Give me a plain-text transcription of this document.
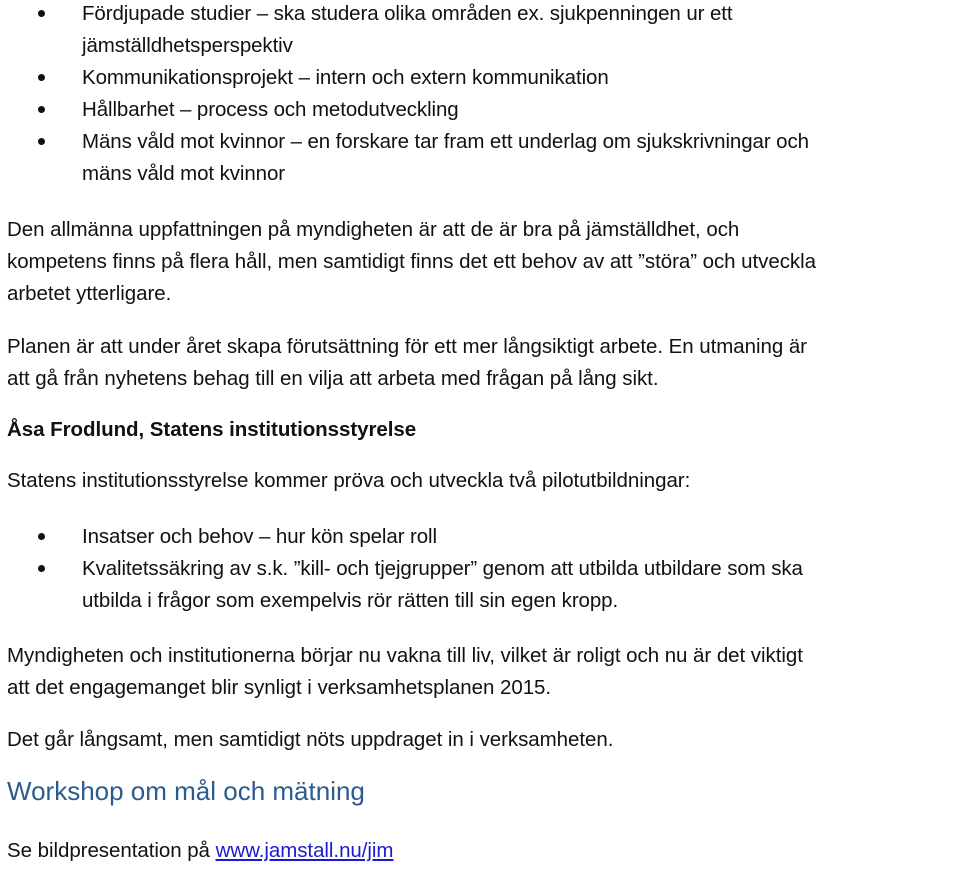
Fördjupade studier – ska studera olika områden ex. sjukpenningen ur ett
jämställdhetsperspektiv
Kommunikationsprojekt – intern och extern kommunikation
Hållbarhet – process och metodutveckling
Mäns våld mot kvinnor – en forskare tar fram ett underlag om sjukskrivningar och
mäns våld mot kvinnor
Den allmänna uppfattningen på myndigheten är att de är bra på jämställdhet, och
kompetens finns på flera håll, men samtidigt finns det ett behov av att ”störa” och utveckla
arbetet ytterligare.
Planen är att under året skapa förutsättning för ett mer långsiktigt arbete. En utmaning är
att gå från nyhetens behag till en vilja att arbeta med frågan på lång sikt.
Åsa Frodlund, Statens institutionsstyrelse
Statens institutionsstyrelse kommer pröva och utveckla två pilotutbildningar:
Insatser och behov – hur kön spelar roll
Kvalitetssäkring av s.k. ”kill- och tjejgrupper” genom att utbilda utbildare som ska
utbilda i frågor som exempelvis rör rätten till sin egen kropp.
Myndigheten och institutionerna börjar nu vakna till liv, vilket är roligt och nu är det viktigt
att det engagemanget blir synligt i verksamhetsplanen 2015.
Det går långsamt, men samtidigt nöts uppdraget in i verksamheten.
Workshop om mål och mätning
Se bildpresentation på www.jamstall.nu/jim
